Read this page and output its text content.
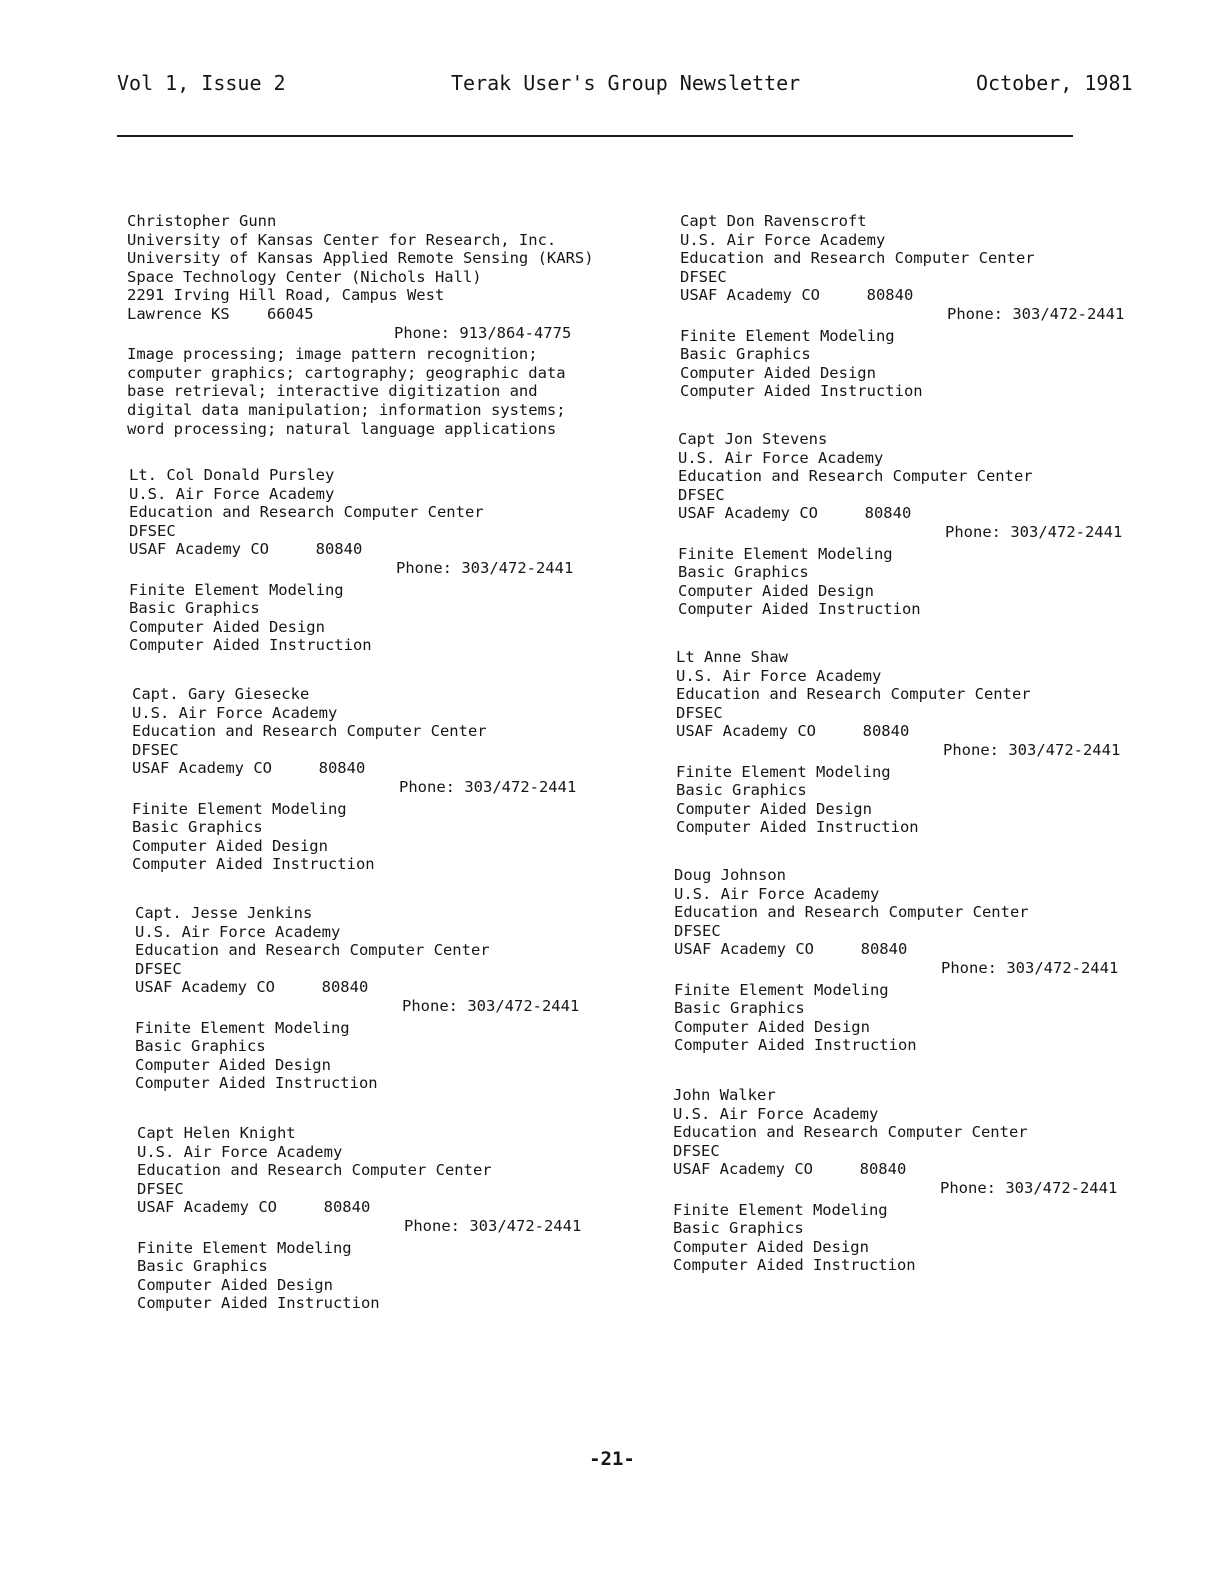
Vol 1, Issue 2	Terak User's Group Newsletter	October, 1981
Christopher Gunn
University of Kansas Center for Research, Inc.
University of Kansas Applied Remote Sensing (KARS)
Space Technology Center (Nichols Hall)
2291 Irving Hill Road, Campus West
Lawrence KS    66045
Phone: 913/864-4775
Image processing; image pattern recognition;
computer graphics; cartography; geographic data
base retrieval; interactive digitization and
digital data manipulation; information systems;
word processing; natural language applications
Lt. Col Donald Pursley
U.S. Air Force Academy
Education and Research Computer Center
DFSEC
USAF Academy CO     80840
Phone: 303/472-2441
Finite Element Modeling
Basic Graphics
Computer Aided Design
Computer Aided Instruction
Capt. Gary Giesecke
U.S. Air Force Academy
Education and Research Computer Center
DFSEC
USAF Academy CO     80840
Phone: 303/472-2441
Finite Element Modeling
Basic Graphics
Computer Aided Design
Computer Aided Instruction
Capt. Jesse Jenkins
U.S. Air Force Academy
Education and Research Computer Center
DFSEC
USAF Academy CO     80840
Phone: 303/472-2441
Finite Element Modeling
Basic Graphics
Computer Aided Design
Computer Aided Instruction
Capt Helen Knight
U.S. Air Force Academy
Education and Research Computer Center
DFSEC
USAF Academy CO     80840
Phone: 303/472-2441
Finite Element Modeling
Basic Graphics
Computer Aided Design
Computer Aided Instruction
Capt Don Ravenscroft
U.S. Air Force Academy
Education and Research Computer Center
DFSEC
USAF Academy CO     80840
Phone: 303/472-2441
Finite Element Modeling
Basic Graphics
Computer Aided Design
Computer Aided Instruction
Capt Jon Stevens
U.S. Air Force Academy
Education and Research Computer Center
DFSEC
USAF Academy CO     80840
Phone: 303/472-2441
Finite Element Modeling
Basic Graphics
Computer Aided Design
Computer Aided Instruction
Lt Anne Shaw
U.S. Air Force Academy
Education and Research Computer Center
DFSEC
USAF Academy CO     80840
Phone: 303/472-2441
Finite Element Modeling
Basic Graphics
Computer Aided Design
Computer Aided Instruction
Doug Johnson
U.S. Air Force Academy
Education and Research Computer Center
DFSEC
USAF Academy CO     80840
Phone: 303/472-2441
Finite Element Modeling
Basic Graphics
Computer Aided Design
Computer Aided Instruction
John Walker
U.S. Air Force Academy
Education and Research Computer Center
DFSEC
USAF Academy CO     80840
Phone: 303/472-2441
Finite Element Modeling
Basic Graphics
Computer Aided Design
Computer Aided Instruction
-21-
